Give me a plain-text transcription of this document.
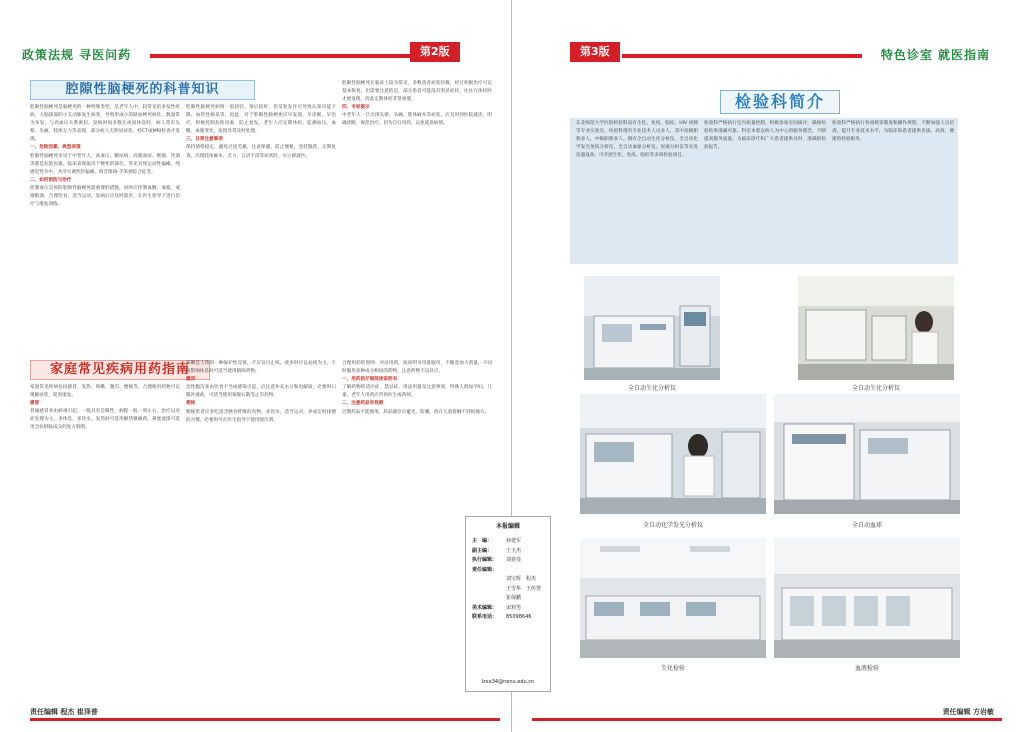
政策法规 寻医问药	第2版
腔隙性脑梗死的科普知识
腔隙性脑梗死是脑梗死的一种特殊类型，是老年人中、较常见的多发性疾病，大脑深部的小支动脉发生病变，导致形成小的缺血梗死病灶，数量常为多发，与高血压关系密切。发病时间多数在夜间休息时，病人常有头晕、头痛、肢体无力等表现，部分病人无明显症状，经CT或MRI检查才发现。
一、危险因素、典型表现
腔隙性脑梗死多见于中老年人，高血压、糖尿病、高脂血症、吸烟、饮酒等都是危险因素。临床表现取决于梗死的部位，常见有纯运动性偏瘫、纯感觉性卒中、共济失调性轻偏瘫、构音障碍-手笨拙综合征等。
二、如何预防与治疗
控制血压是预防腔隙性脑梗死最重要的措施，同时应控制血糖、血脂，戒烟限酒，合理饮食，适当运动。发病后应及时就医，在医生指导下进行治疗与康复训练。
腔隙性脑梗死病情一般较轻，预后较好，但反复发作可导致认知功能下降、血管性痴呆等。因此，对于腔隙性脑梗死应早发现、早诊断、早治疗，积极控制危险因素，防止复发。老年人应定期体检，监测血压、血糖、血脂变化，发现异常及时处理。
三、日常注意事项
保持情绪稳定，避免过度劳累，注意保暖，防止便秘，坚持服药，定期复查。出现肢体麻木、无力、言语不清等症状时，应立即就医。
腔隙性脑梗死在临床上较为常见，多数患者症状轻微，经过积极治疗可以基本恢复。但需要注意的是，部分患者可能没有明显症状，往往在体检时才被发现，因此定期体检非常重要。
四、专家提示
中老年人一旦出现头晕、头痛、肢体麻木等症状，应及时到医院就诊，明确诊断，规范治疗，切勿自行用药，以免延误病情。
家庭常见疾病用药指南
家庭常见疾病包括感冒、发热、咳嗽、腹泻、便秘等。合理使用药物可以缓解症状，促进康复。
感冒
普通感冒多由病毒引起，一般具有自限性，病程一般一周左右。治疗以对症处理为主，多休息，多饮水。发热时可选用解热镇痛药，鼻塞流涕可选用含抗组胺成分的复方制剂。
咳嗽是人体的一种保护性反射，不应盲目止咳。痰多时应以祛痰为主，干咳影响休息时可适当使用镇咳药物。
腹泻
急性腹泻多由饮食不当或感染引起，应注意补充水分和电解质，必要时口服补液盐，可适当使用蒙脱石散等止泻药物。
便秘
便秘患者应多吃富含膳食纤维的食物，多饮水，适当运动，养成定时排便的习惯，必要时可在医生指导下使用缓泻剂。
合理用药的原则：对症用药，按说明书用量服用，不随意加大剂量，不同时服用多种成分相同的药物，注意药物不良反应。
一、用药前仔细阅读说明书
了解药物的适应症、禁忌症、用法用量及注意事项，特殊人群如孕妇、儿童、老年人用药应咨询医生或药师。
二、注意药品有效期
过期药品不能使用，药品储存应避光、防潮，放在儿童接触不到的地方。
责任编辑 程杰 崔泽普
第3版	特色诊室 就医指南
检验科简介
东北师范大学医院检验科设有生化、免疫、临检、HIV 初筛等专业实验室。检验科现有专业技术人员多人，其中高级职称多人，中级职称多人。拥有全自动生化分析仪、全自动化学发光免疫分析仪、全自动血球分析仪、尿液分析仪等先进仪器设备，可开展生化、免疫、临检等多项检验项目。
检验科严格执行室内质量控制，积极参加室间质评，确保检验结果准确可靠。科室本着以病人为中心的服务理念，不断提高服务质量，为临床诊疗和广大患者提供及时、准确的检验报告。
检验科严格执行各项规章制度和操作规程，不断加强人员培训，提升专业技术水平，为临床和患者提供优质、高效、便捷的检验服务。
全自动生化分析仪	全自动生化分析仪
全自动化学发光分析仪	全自动血球
生化检验	血液检验
责任编辑 方岩敏
本报编辑
主　编：	孙建军
副主编：	王玉杰
执行编辑：	刘春莲
责任编辑：
刘宝辉　程杰
王雪华　王传慧
崔保鹏
美术编辑：	宋莉男
联系电话：	85098646
lzxx34@nenu.edu.cn
